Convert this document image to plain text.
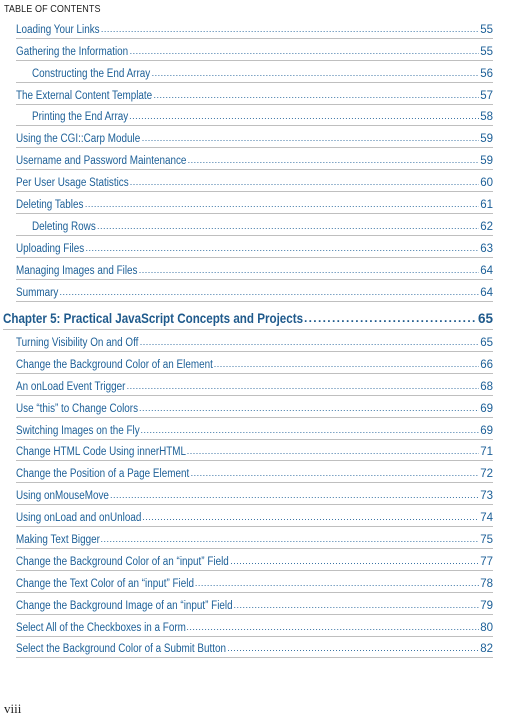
TABLE OF CONTENTS
Loading Your Links . . .	55
Gathering the Information . . .	55
Constructing the End Array . . .	56
The External Content Template . . .	57
Printing the End Array . . .	58
Using the CGI::Carp Module . . .	59
Username and Password Maintenance . . .	59
Per User Usage Statistics . . .	60
Deleting Tables . . .	61
Deleting Rows . . .	62
Uploading Files . . .	63
Managing Images and Files . . .	64
Summary . . .	64
Chapter 5: Practical JavaScript Concepts and Projects . . .	65
Turning Visibility On and Off . . .	65
Change the Background Color of an Element . . .	66
An onLoad Event Trigger . . .	68
Use “this” to Change Colors . . .	69
Switching Images on the Fly . . .	69
Change HTML Code Using innerHTML . . .	71
Change the Position of a Page Element . . .	72
Using onMouseMove . . .	73
Using onLoad and onUnload . . .	74
Making Text Bigger . . .	75
Change the Background Color of an “input” Field . . .	77
Change the Text Color of an “input” Field . . .	78
Change the Background Image of an “input” Field . . .	79
Select All of the Checkboxes in a Form . . .	80
Select the Background Color of a Submit Button . . .	82
viii
